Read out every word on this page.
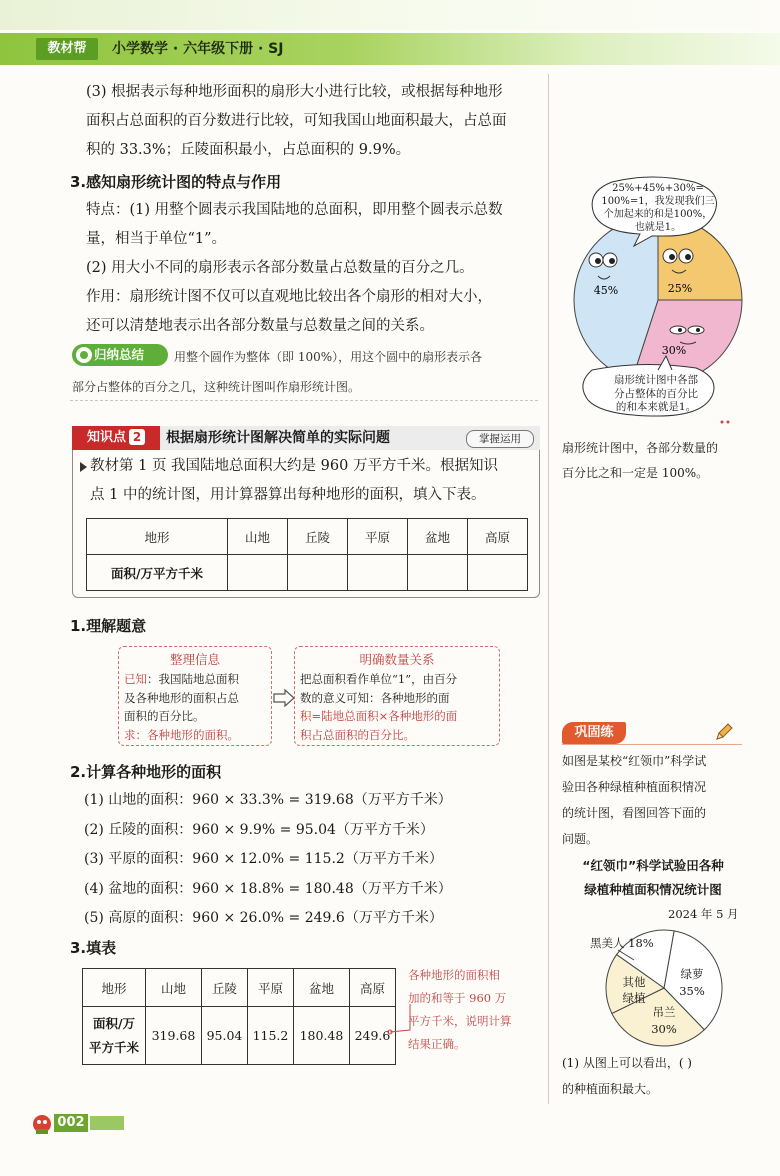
教材帮	小学数学 · 六年级下册 · SJ
(3) 根据表示每种地形面积的扇形大小进行比较，或根据每种地形
面积占总面积的百分数进行比较，可知我国山地面积最大，占总面
积的 33.3%；丘陵面积最小，占总面积的 9.9%。
3.感知扇形统计图的特点与作用
特点：(1) 用整个圆表示我国陆地的总面积，即用整个圆表示总数
量，相当于单位“1”。
(2) 用大小不同的扇形表示各部分数量占总数量的百分之几。
作用：扇形统计图不仅可以直观地比较出各个扇形的相对大小，
还可以清楚地表示出各部分数量与总数量之间的关系。
归纳总结	用整个圆作为整体（即 100%），用这个圆中的扇形表示各
部分占整体的百分之几，这种统计图叫作扇形统计图。
知识点 2	根据扇形统计图解决简单的实际问题	掌握运用
教材第 1 页 我国陆地总面积大约是 960 万平方千米。根据知识
点 1 中的统计图，用计算器算出每种地形的面积，填入下表。
地形	山地	丘陵	平原	盆地	高原
面积/万平方千米					
1.理解题意
整理信息
已知：我国陆地总面积
及各种地形的面积占总
面积的百分比。
求：各种地形的面积。
明确数量关系
把总面积看作单位“1”，由百分
数的意义可知：各种地形的面
积=陆地总面积×各种地形的面
积占总面积的百分比。
2.计算各种地形的面积
(1) 山地的面积：960 × 33.3% = 319.68（万平方千米）
(2) 丘陵的面积：960 × 9.9% = 95.04（万平方千米）
(3) 平原的面积：960 × 12.0% = 115.2（万平方千米）
(4) 盆地的面积：960 × 18.8% = 180.48（万平方千米）
(5) 高原的面积：960 × 26.0% = 249.6（万平方千米）
3.填表
地形	山地	丘陵	平原	盆地	高原

面积/万
平方千米	319.68	95.04	115.2	180.48	249.6
各种地形的面积相
加的和等于 960 万
平方千米，说明计算
结果正确。
45%	25%
30%
25%+45%+30%=
100%=1，我发现我们三
个加起来的和是100%，
也就是1。
扇形统计图中各部
分占整体的百分比
的和本来就是1。
扇形统计图中，各部分数量的
百分比之和一定是 100%。
巩固练
如图是某校“红领巾”科学试
验田各种绿植种植面积情况
的统计图，看图回答下面的
问题。
“红领巾”科学试验田各种
绿植种植面积情况统计图
2024 年 5 月
黑美人 18%
绿萝 35%
吊兰 30%
其他绿植
(1) 从图上可以看出，( )
的种植面积最大。
002
